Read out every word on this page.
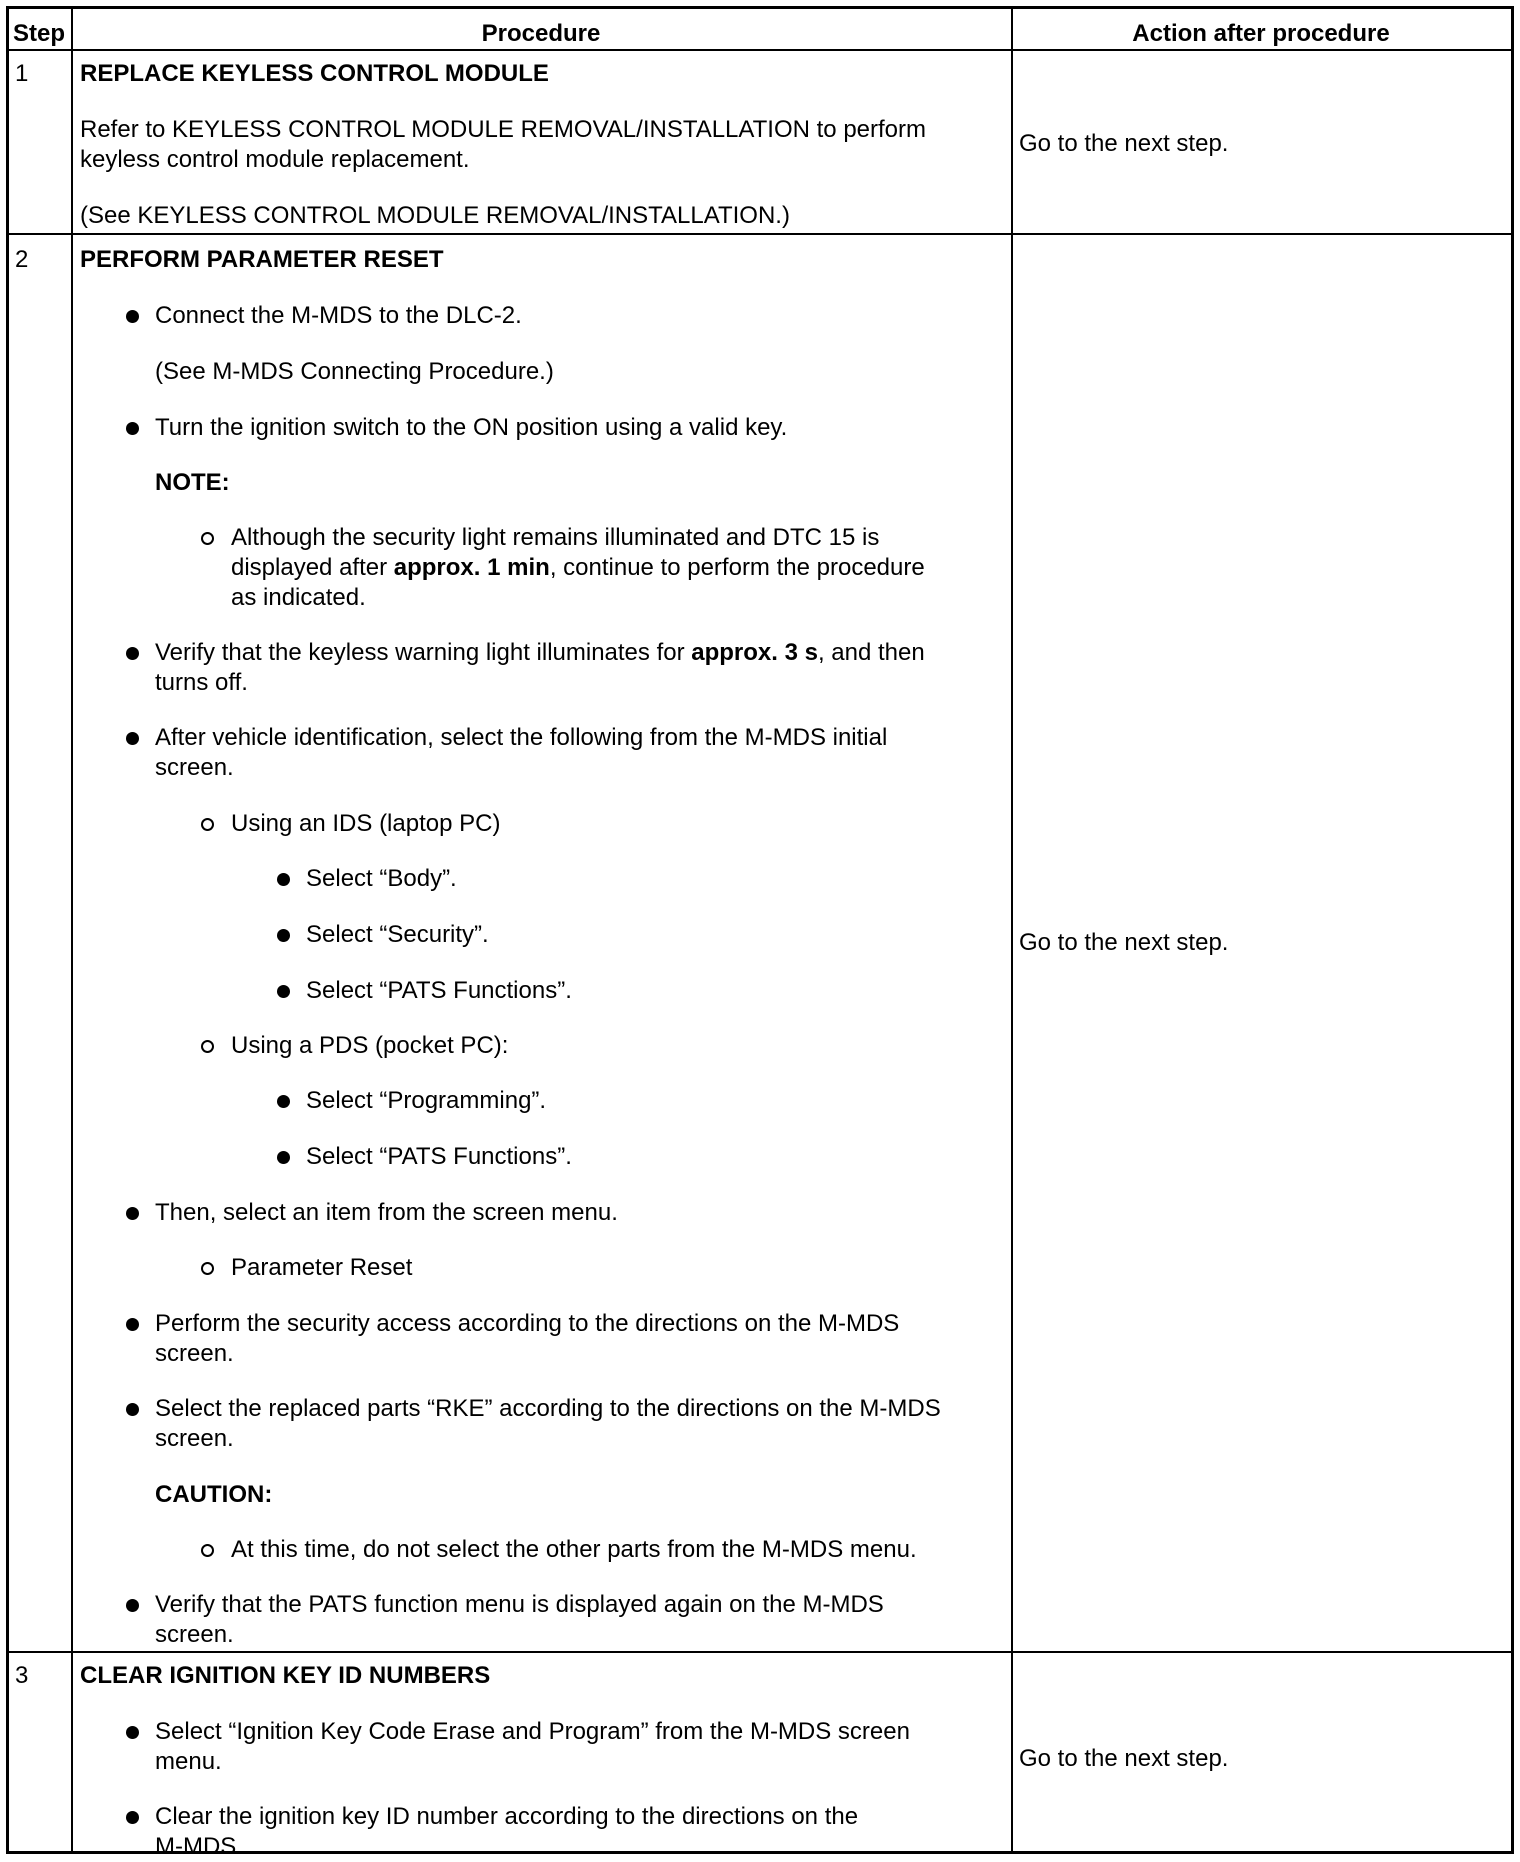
Step	Procedure	Action after procedure
1 REPLACE KEYLESS CONTROL MODULE
Refer to KEYLESS CONTROL MODULE REMOVAL/INSTALLATION to perform
keyless control module replacement.
(See KEYLESS CONTROL MODULE REMOVAL/INSTALLATION.)
Go to the next step.
2 PERFORM PARAMETER RESET
Connect the M-MDS to the DLC-2.
(See M-MDS Connecting Procedure.)
Turn the ignition switch to the ON position using a valid key.
NOTE:
Although the security light remains illuminated and DTC 15 is
displayed after approx. 1 min, continue to perform the procedure
as indicated.
Verify that the keyless warning light illuminates for approx. 3 s, and then
turns off.
After vehicle identification, select the following from the M-MDS initial
screen.
Using an IDS (laptop PC)
Select “Body”.
Select “Security”.
Select “PATS Functions”.
Using a PDS (pocket PC):
Select “Programming”.
Select “PATS Functions”.
Then, select an item from the screen menu.
Parameter Reset
Perform the security access according to the directions on the M-MDS
screen.
Select the replaced parts “RKE” according to the directions on the M-MDS
screen.
CAUTION:
At this time, do not select the other parts from the M-MDS menu.
Verify that the PATS function menu is displayed again on the M-MDS
screen.
Go to the next step.
3 CLEAR IGNITION KEY ID NUMBERS
Select “Ignition Key Code Erase and Program” from the M-MDS screen
menu.
Clear the ignition key ID number according to the directions on the
M-MDS.
Go to the next step.
